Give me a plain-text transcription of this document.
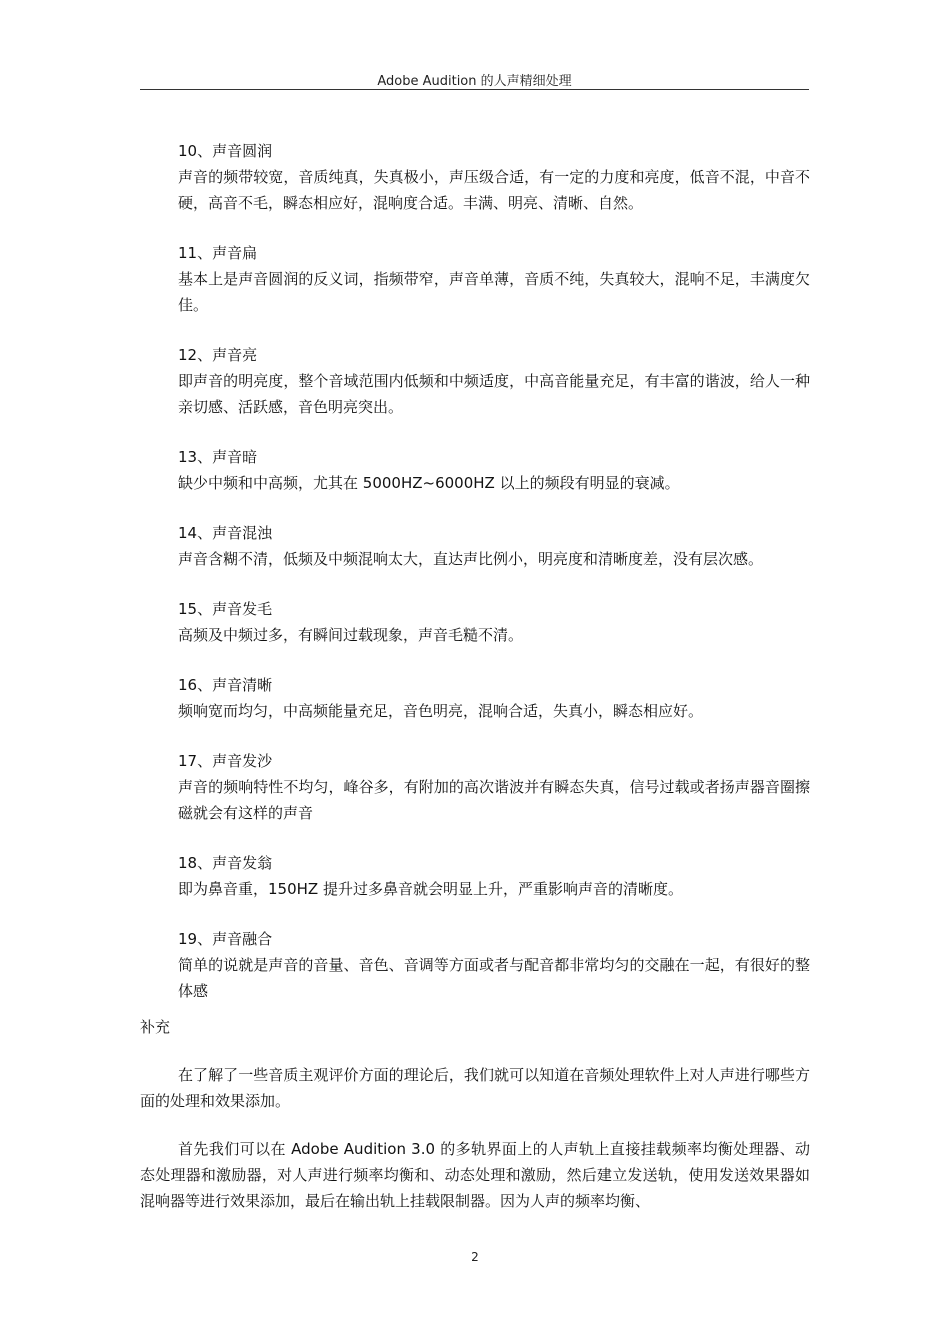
Adobe Audition 的人声精细处理

10、声音圆润

声音的频带较宽，音质纯真，失真极小，声压级合适，有一定的力度和亮度，低音不混，中音不硬，高音不毛，瞬态相应好，混响度合适。丰满、明亮、清晰、自然。

11、声音扁

基本上是声音圆润的反义词，指频带窄，声音单薄，音质不纯，失真较大，混响不足，丰满度欠佳。

12、声音亮

即声音的明亮度，整个音域范围内低频和中频适度，中高音能量充足，有丰富的谐波，给人一种亲切感、活跃感，音色明亮突出。

13、声音暗

缺少中频和中高频，尤其在 5000HZ~6000HZ 以上的频段有明显的衰减。

14、声音混浊

声音含糊不清，低频及中频混响太大，直达声比例小，明亮度和清晰度差，没有层次感。

15、声音发毛

高频及中频过多，有瞬间过载现象，声音毛糙不清。

16、声音清晰

频响宽而均匀，中高频能量充足，音色明亮，混响合适，失真小，瞬态相应好。

17、声音发沙

声音的频响特性不均匀，峰谷多，有附加的高次谐波并有瞬态失真，信号过载或者扬声器音圈擦磁就会有这样的声音

18、声音发翁

即为鼻音重，150HZ 提升过多鼻音就会明显上升，严重影响声音的清晰度。

19、声音融合

简单的说就是声音的音量、音色、音调等方面或者与配音都非常均匀的交融在一起，有很好的整体感

补充

在了解了一些音质主观评价方面的理论后，我们就可以知道在音频处理软件上对人声进行哪些方面的处理和效果添加。

首先我们可以在 Adobe Audition 3.0 的多轨界面上的人声轨上直接挂载频率均衡处理器、动态处理器和激励器，对人声进行频率均衡和、动态处理和激励，然后建立发送轨，使用发送效果器如混响器等进行效果添加，最后在输出轨上挂载限制器。因为人声的频率均衡、

2
